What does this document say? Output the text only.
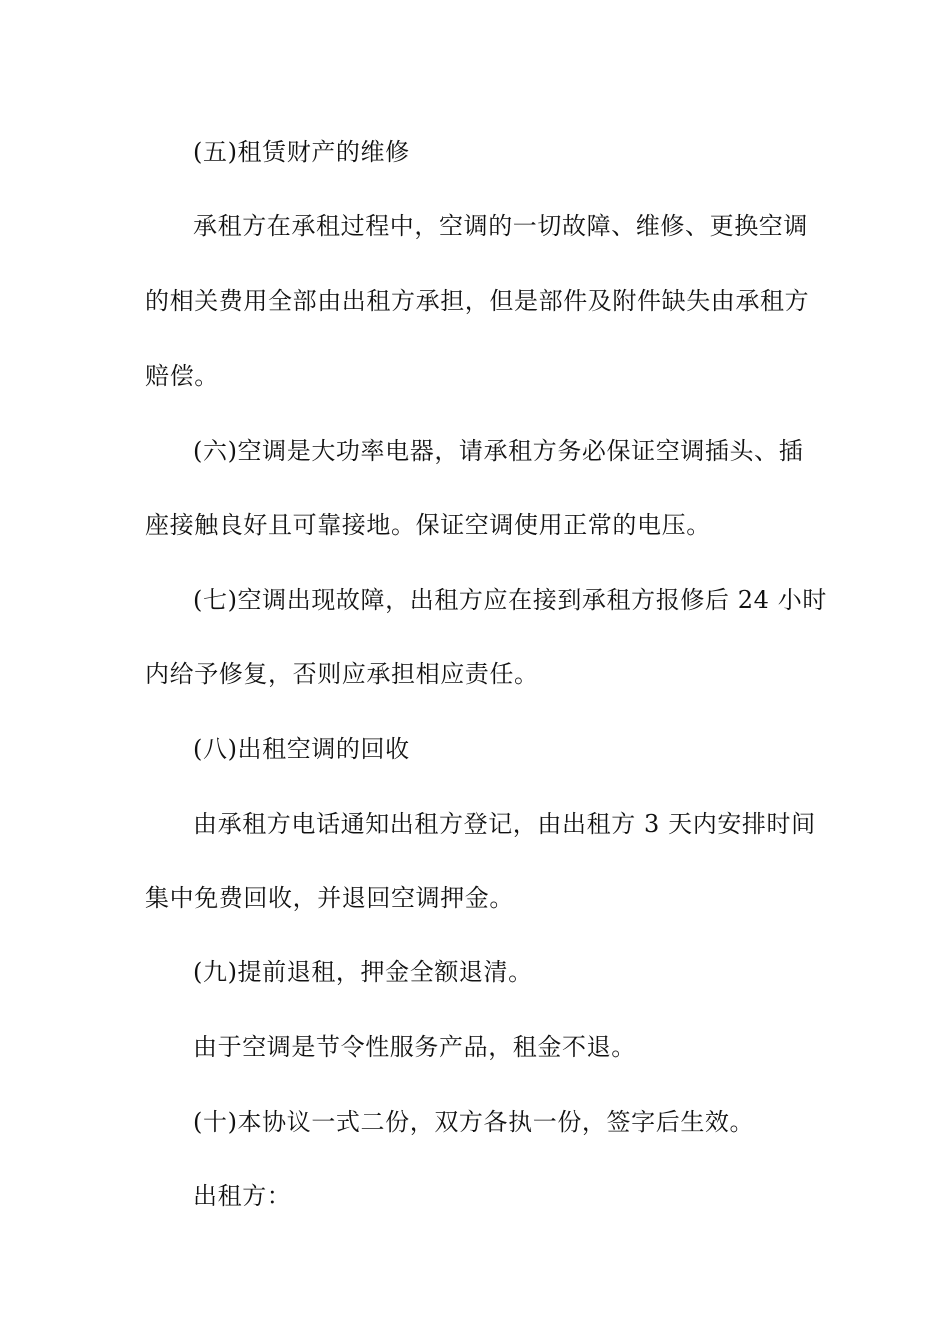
(五)租赁财产的维修
承租方在承租过程中，空调的一切故障、维修、更换空调
的相关费用全部由出租方承担，但是部件及附件缺失由承租方
赔偿。
(六)空调是大功率电器，请承租方务必保证空调插头、插
座接触良好且可靠接地。保证空调使用正常的电压。
(七)空调出现故障，出租方应在接到承租方报修后 24 小时
内给予修复，否则应承担相应责任。
(八)出租空调的回收
由承租方电话通知出租方登记，由出租方 3 天内安排时间
集中免费回收，并退回空调押金。
(九)提前退租，押金全额退清。
由于空调是节令性服务产品，租金不退。
(十)本协议一式二份，双方各执一份，签字后生效。
出租方：
